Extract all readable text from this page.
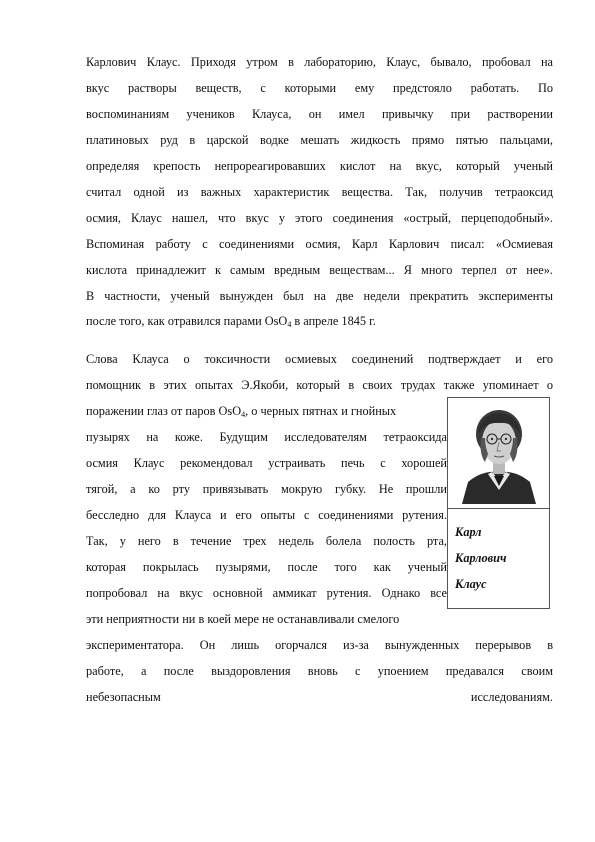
Карлович Клаус. Приходя утром в лабораторию, Клаус, бывало, пробовал на
вкус растворы веществ, с которыми ему предстояло работать. По
воспоминаниям учеников Клауса, он имел привычку при растворении
платиновых руд в царской водке мешать жидкость прямо пятью пальцами,
определяя крепость непрореагировавших кислот на вкус, который ученый
считал одной из важных характеристик вещества. Так, получив тетраоксид
осмия, Клаус нашел, что вкус у этого соединения «острый, перцеподобный».
Вспоминая работу с соединениями осмия, Карл Карлович писал: «Осмиевая
кислота принадлежит к самым вредным веществам... Я много терпел от нее».
В частности, ученый вынужден был на две недели прекратить эксперименты
после того, как отравился парами OsO$_4$ в апреле 1845 г.
Слова Клауса о токсичности осмиевых соединений подтверждает и его
помощник в этих опытах Э.Якоби, который в своих трудах также упоминает о
поражении глаз от паров OsO$_4$, о черных пятнах и гнойных
пузырях на коже. Будущим исследователям тетраоксида
осмия Клаус рекомендовал устраивать печь с хорошей
тягой, а ко рту привязывать мокрую губку. Не прошли
бесследно для Клауса и его опыты с соединениями рутения.
Так, у него в течение трех недель болела полость рта,
которая покрылась пузырями, после того как ученый
попробовал на вкус основной аммикат рутения. Однако все
эти неприятности ни в коей мере не останавливали смелого
экспериментатора. Он лишь огорчался из-за вынужденных перерывов в
работе, а после выздоровления вновь с упоением предавался своим
небезопасным	исследованиям.
Карл
Карлович
Клаус
